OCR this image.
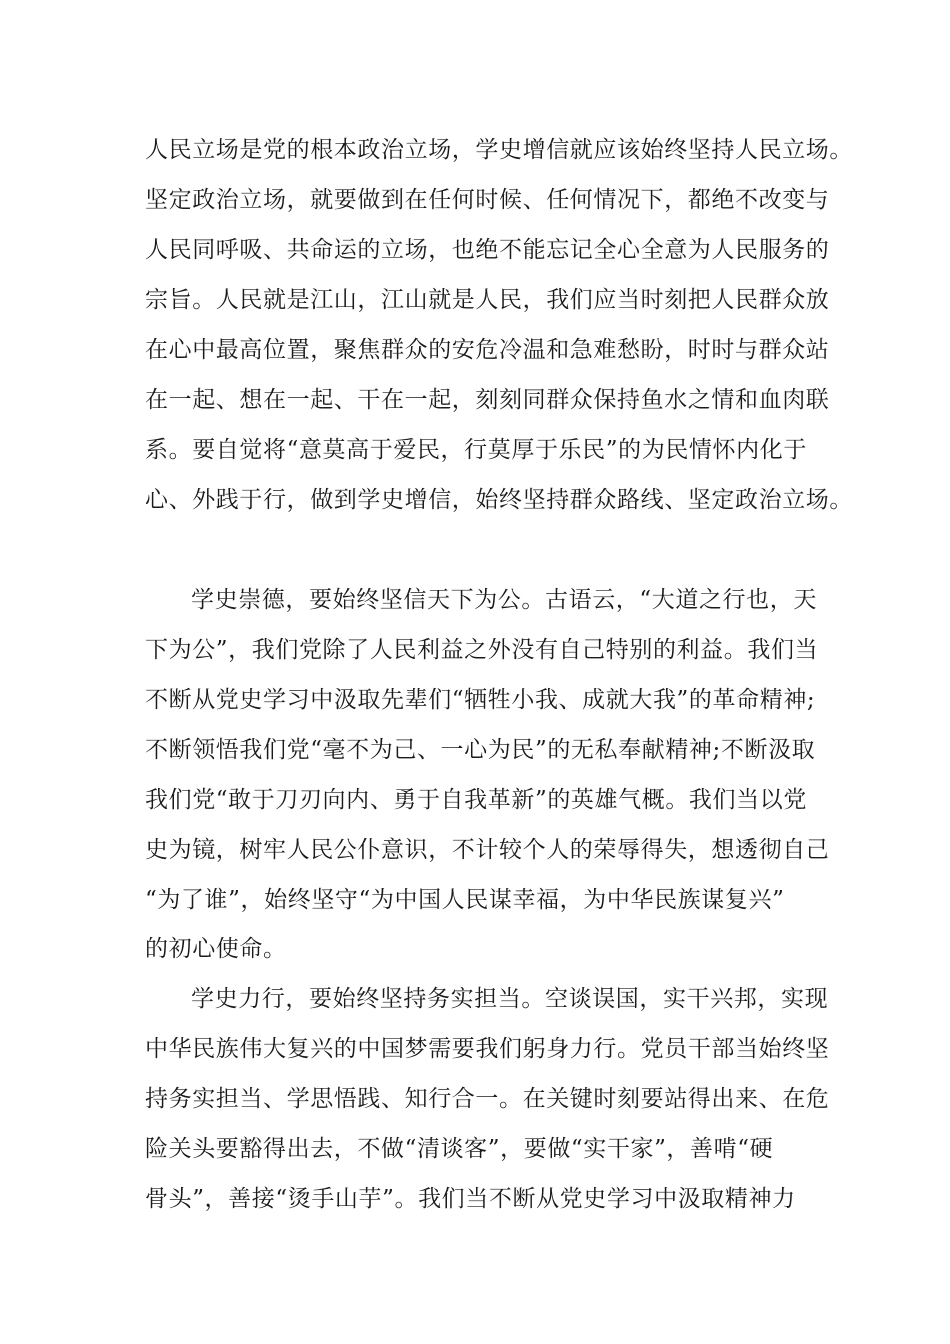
人民立场是党的根本政治立场，学史增信就应该始终坚持人民立场。
坚定政治立场，就要做到在任何时候、任何情况下，都绝不改变与
人民同呼吸、共命运的立场，也绝不能忘记全心全意为人民服务的
宗旨。人民就是江山，江山就是人民，我们应当时刻把人民群众放
在心中最高位置，聚焦群众的安危冷温和急难愁盼，时时与群众站
在一起、想在一起、干在一起，刻刻同群众保持鱼水之情和血肉联
系。要自觉将“意莫高于爱民，行莫厚于乐民”的为民情怀内化于
心、外践于行，做到学史增信，始终坚持群众路线、坚定政治立场。
学史崇德，要始终坚信天下为公。古语云，“大道之行也，天
下为公”，我们党除了人民利益之外没有自己特别的利益。我们当
不断从党史学习中汲取先辈们“牺牲小我、成就大我”的革命精神;
不断领悟我们党“毫不为己、一心为民”的无私奉献精神;不断汲取
我们党“敢于刀刃向内、勇于自我革新”的英雄气概。我们当以党
史为镜，树牢人民公仆意识，不计较个人的荣辱得失，想透彻自己
“为了谁”，始终坚守“为中国人民谋幸福，为中华民族谋复兴”
的初心使命。
学史力行，要始终坚持务实担当。空谈误国，实干兴邦，实现
中华民族伟大复兴的中国梦需要我们躬身力行。党员干部当始终坚
持务实担当、学思悟践、知行合一。在关键时刻要站得出来、在危
险关头要豁得出去，不做“清谈客”，要做“实干家”，善啃“硬
骨头”，善接“烫手山芋”。我们当不断从党史学习中汲取精神力
